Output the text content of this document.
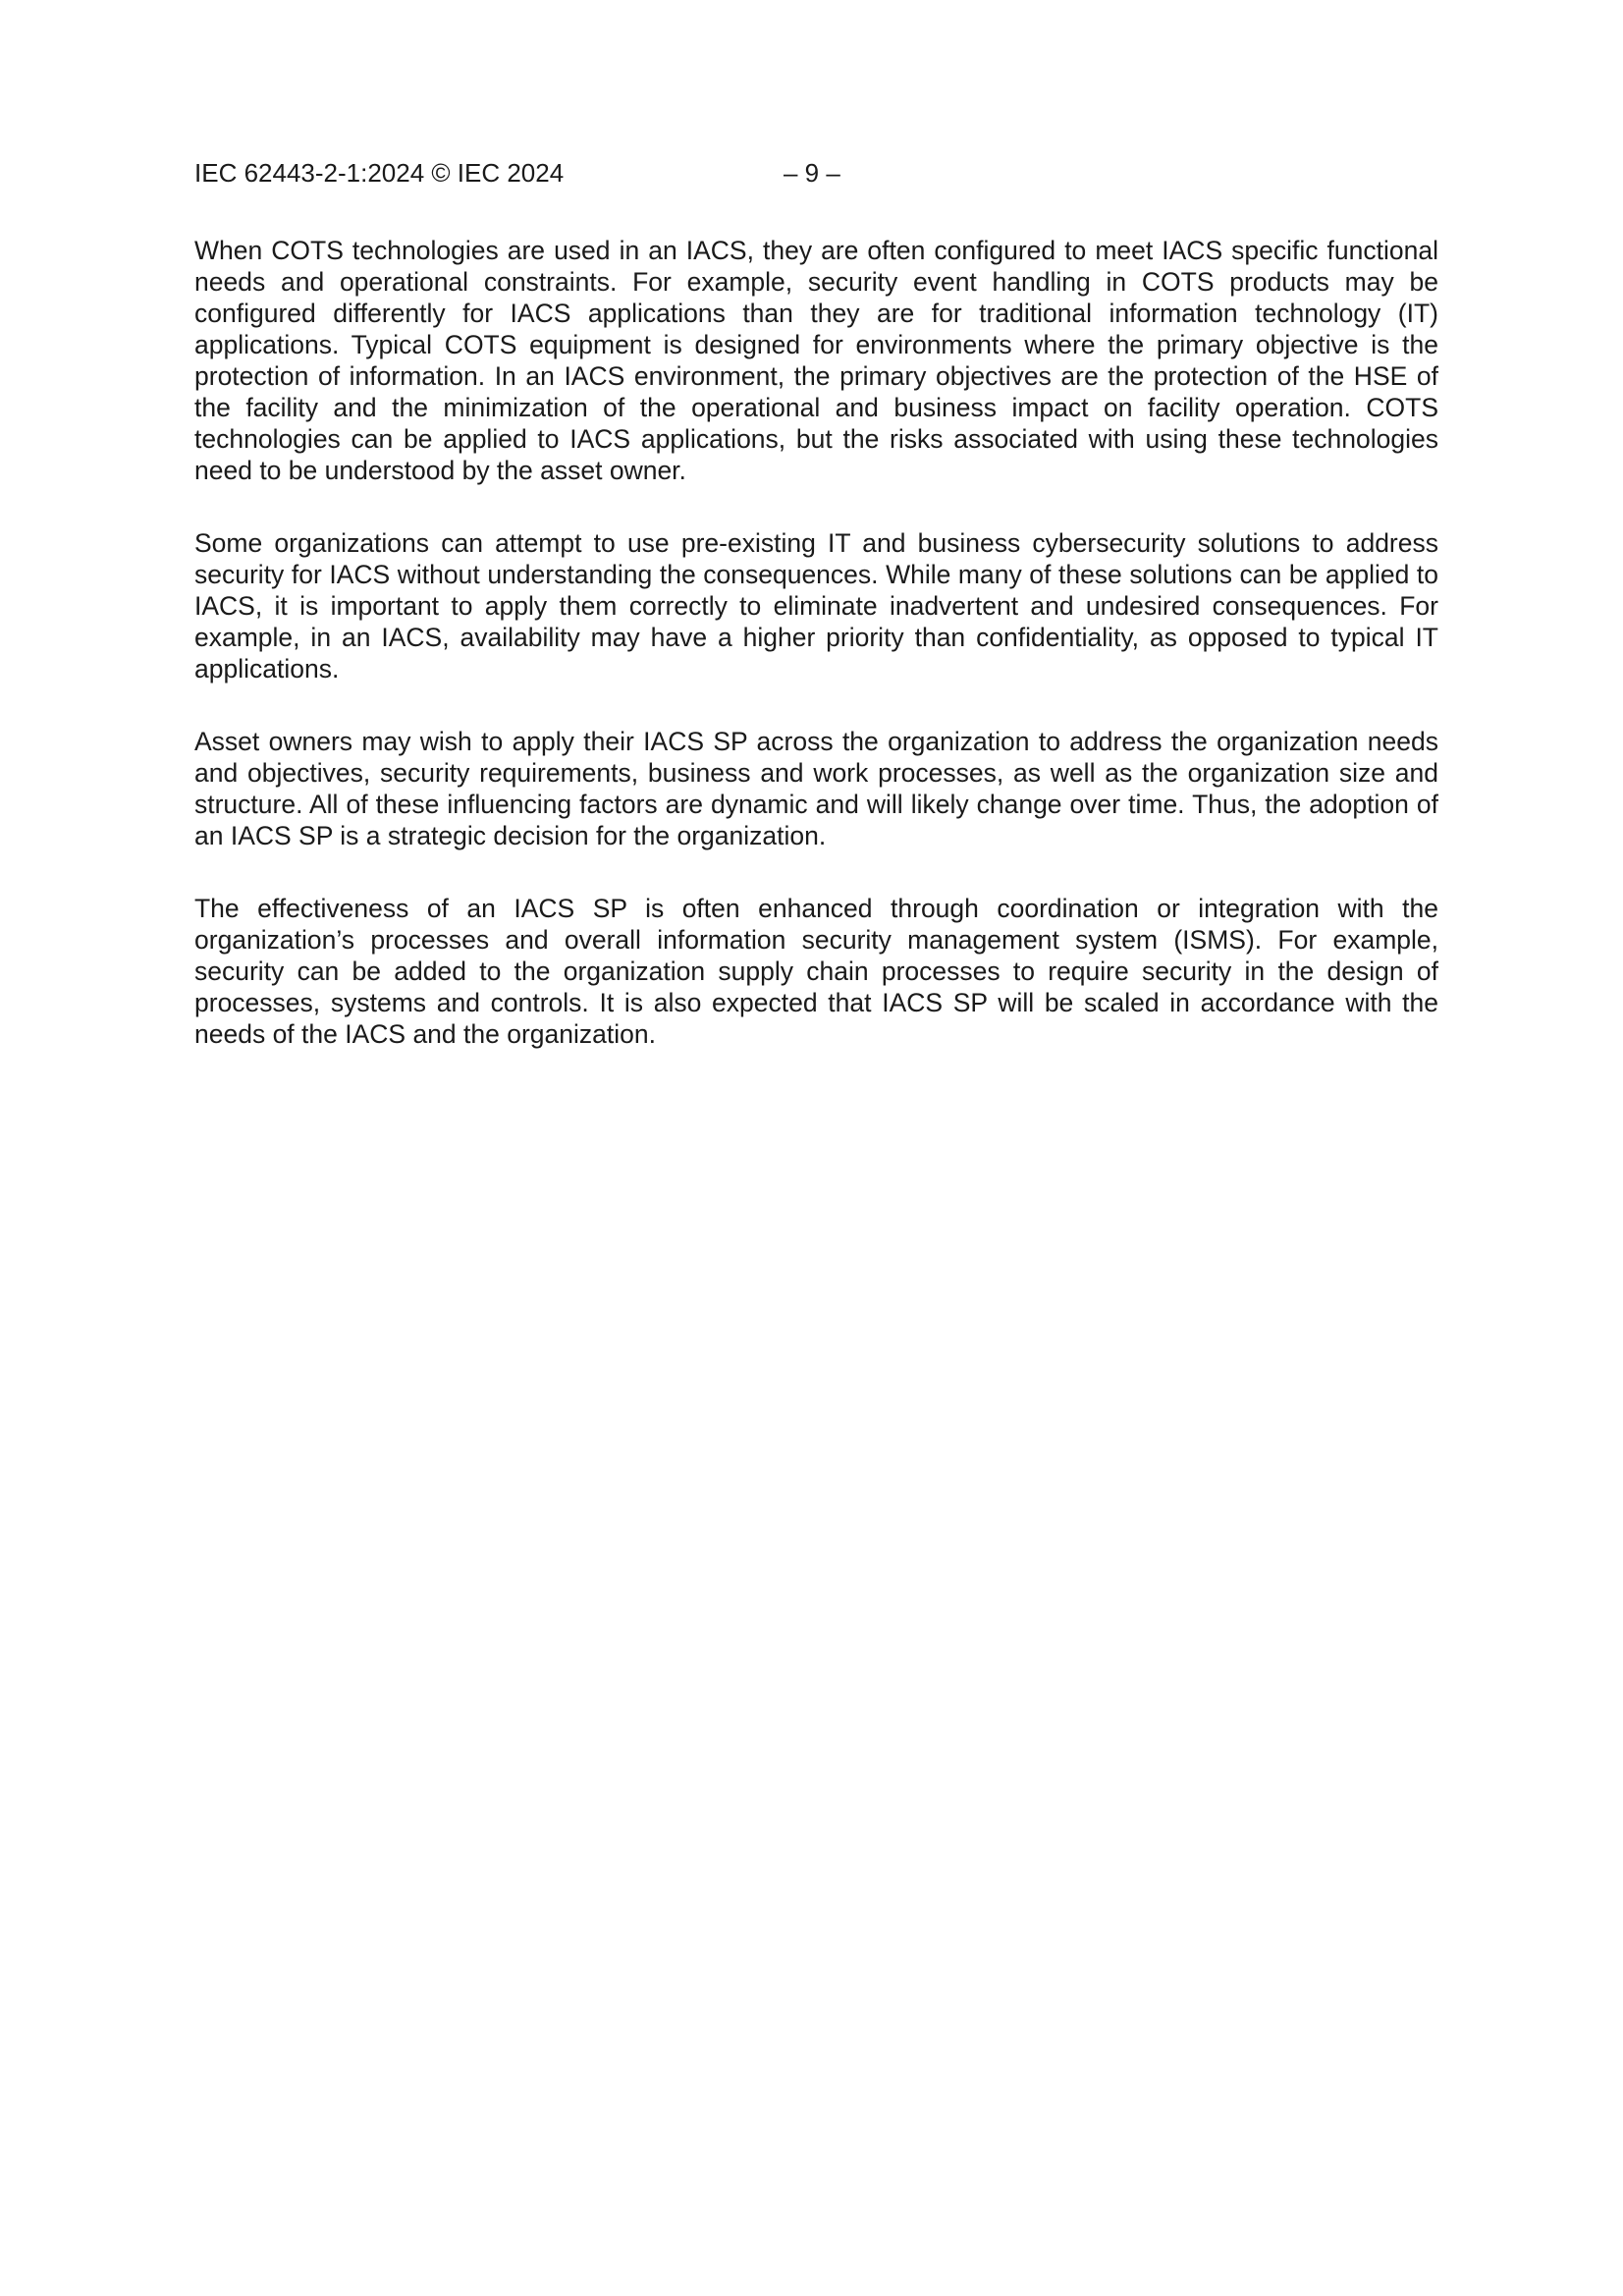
IEC 62443-2-1:2024 © IEC 2024	– 9 –

When COTS technologies are used in an IACS, they are often configured to meet IACS specific functional needs and operational constraints. For example, security event handling in COTS products may be configured differently for IACS applications than they are for traditional information technology (IT) applications. Typical COTS equipment is designed for environments where the primary objective is the protection of information. In an IACS environment, the primary objectives are the protection of the HSE of the facility and the minimization of the operational and business impact on facility operation. COTS technologies can be applied to IACS applications, but the risks associated with using these technologies need to be understood by the asset owner.

Some organizations can attempt to use pre-existing IT and business cybersecurity solutions to address security for IACS without understanding the consequences. While many of these solutions can be applied to IACS, it is important to apply them correctly to eliminate inadvertent and undesired consequences. For example, in an IACS, availability may have a higher priority than confidentiality, as opposed to typical IT applications.

Asset owners may wish to apply their IACS SP across the organization to address the organization needs and objectives, security requirements, business and work processes, as well as the organization size and structure. All of these influencing factors are dynamic and will likely change over time. Thus, the adoption of an IACS SP is a strategic decision for the organization.

The effectiveness of an IACS SP is often enhanced through coordination or integration with the organization’s processes and overall information security management system (ISMS). For example, security can be added to the organization supply chain processes to require security in the design of processes, systems and controls. It is also expected that IACS SP will be scaled in accordance with the needs of the IACS and the organization.
